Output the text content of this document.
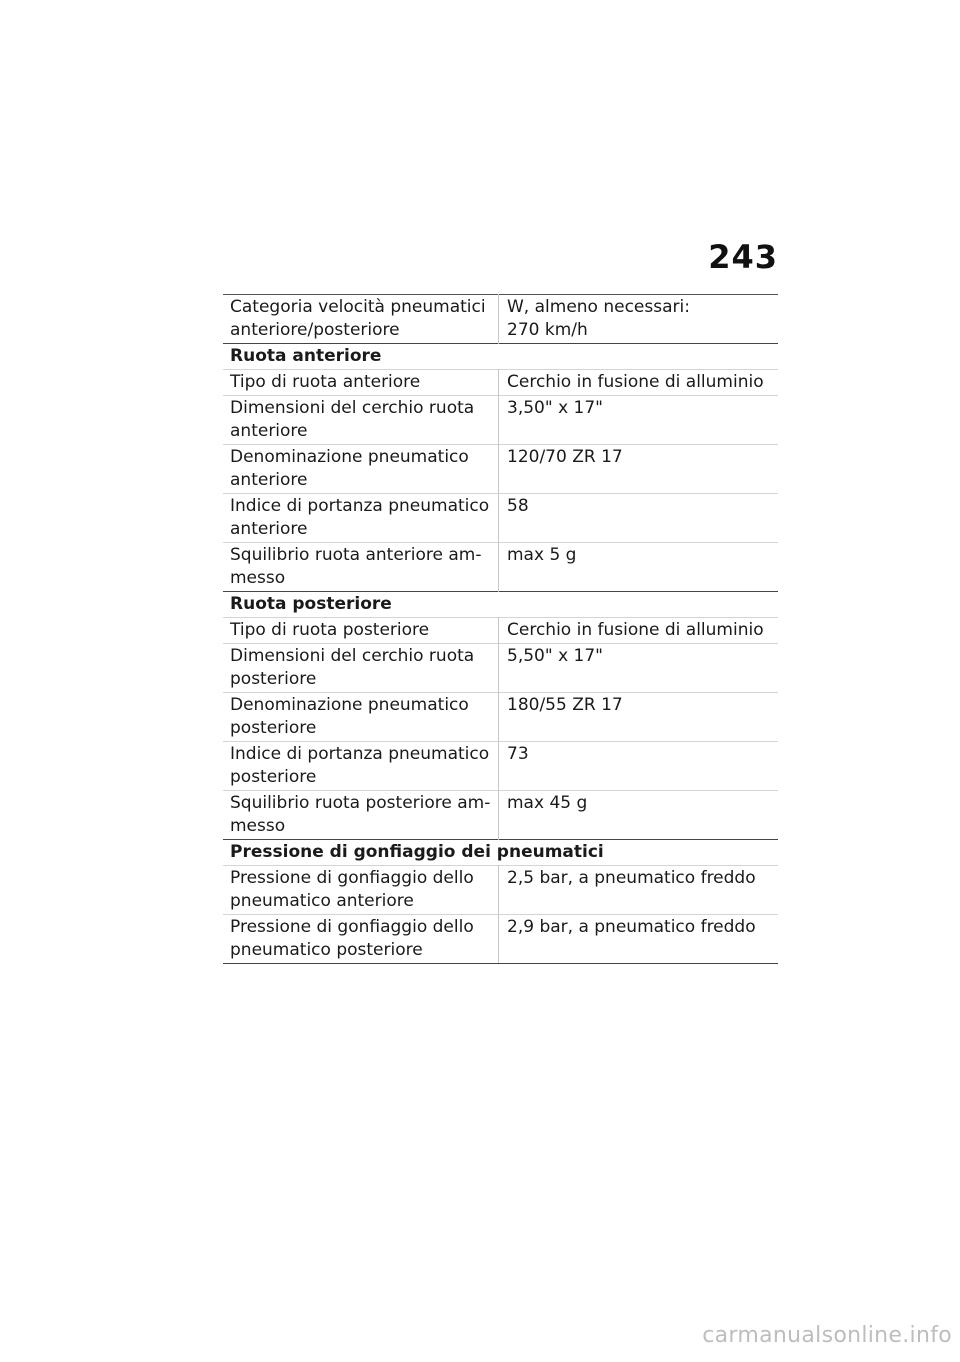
243
Categoria velocità pneumatici anteriore/posteriore	W, almeno necessari:
270 km/h
Ruota anteriore	
Tipo di ruota anteriore	Cerchio in fusione di alluminio
Dimensioni del cerchio ruota anteriore	3,50" x 17"
Denominazione pneumatico anteriore	120/70 ZR 17
Indice di portanza pneumatico anteriore	58
Squilibrio ruota anteriore am-messo	max 5 g
Ruota posteriore	
Tipo di ruota posteriore	Cerchio in fusione di alluminio
Dimensioni del cerchio ruota posteriore	5,50" x 17"
Denominazione pneumatico posteriore	180/55 ZR 17
Indice di portanza pneumatico posteriore	73
Squilibrio ruota posteriore am-messo	max 45 g
Pressione di gonfiaggio dei pneumatici	
Pressione di gonfiaggio dello pneumatico anteriore	2,5 bar, a pneumatico freddo
Pressione di gonfiaggio dello pneumatico posteriore	2,9 bar, a pneumatico freddo
carmanualsonline.info
